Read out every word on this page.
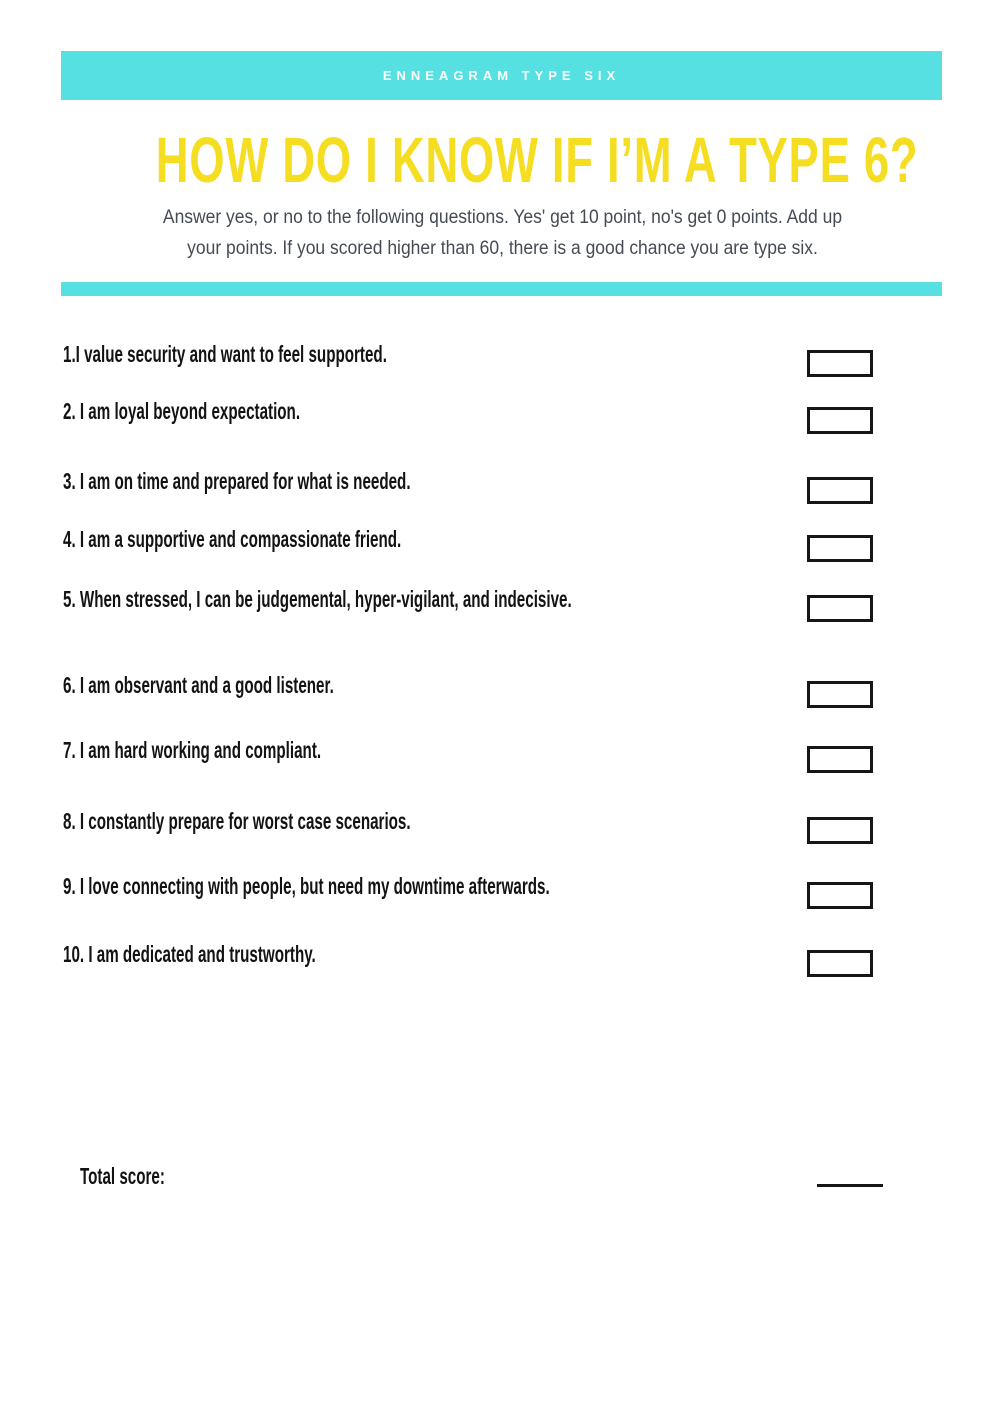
ENNEAGRAM TYPE SIX
HOW DO I KNOW IF I’M A TYPE 6?
Answer yes, or no to the following questions. Yes' get 10 point, no's get 0 points. Add up
your points. If you scored higher than 60, there is a good chance you are type six.
1.I value security and want to feel supported.
2. I am loyal beyond expectation.
3. I am on time and prepared for what is needed.
4. I am a supportive and compassionate friend.
5. When stressed, I can be judgemental, hyper-vigilant, and indecisive.
6. I am observant and a good listener.
7. I am hard working and compliant.
8. I constantly prepare for worst case scenarios.
9. I love connecting with people, but need my downtime afterwards.
10. I am dedicated and trustworthy.
Total score:
